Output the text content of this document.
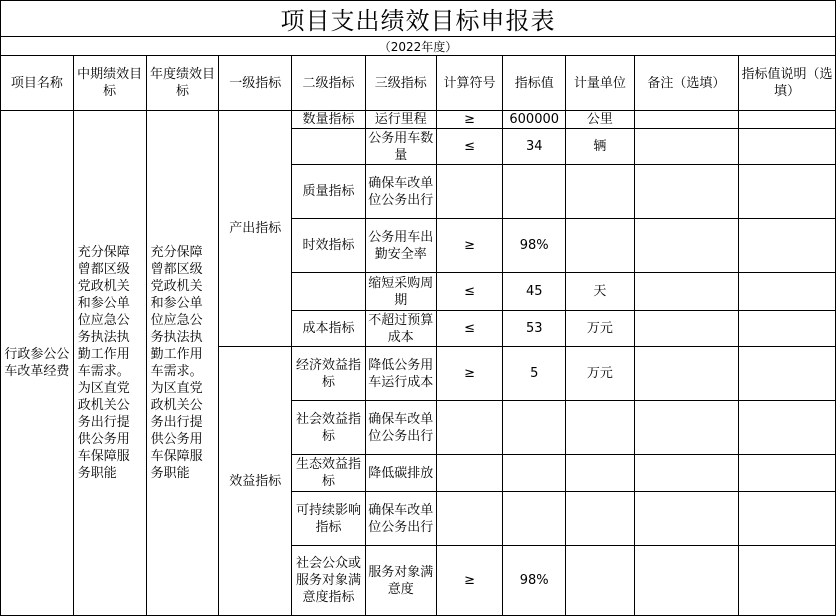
项目支出绩效目标申报表
（2022年度）
项目名称	中期绩效目标	年度绩效目标	一级指标	二级指标	三级指标	计算符号	指标值	计量单位	备注（选填）	指标值说明（选填）
行政参公公车改革经费	充分保障曾都区级党政机关和参公单位应急公务执法执勤工作用车需求。为区直党政机关公务出行提供公务用车保障服务职能	充分保障曾都区级党政机关和参公单位应急公务执法执勤工作用车需求。为区直党政机关公务出行提供公务用车保障服务职能	产出指标	数量指标	运行里程	≥	600000	公里		
					公务用车数量	≤	34	辆		
				质量指标	确保车改单位公务出行					
				时效指标	公务用车出勤安全率	≥	98%			
					缩短采购周期	≤	45	天		
				成本指标	不超过预算成本	≤	53	万元		
			效益指标	经济效益指标	降低公务用车运行成本	≥	5	万元		
				社会效益指标	确保车改单位公务出行					
				生态效益指标	降低碳排放					
				可持续影响指标	确保车改单位公务出行					
				社会公众或服务对象满意度指标	服务对象满意度	≥	98%			
